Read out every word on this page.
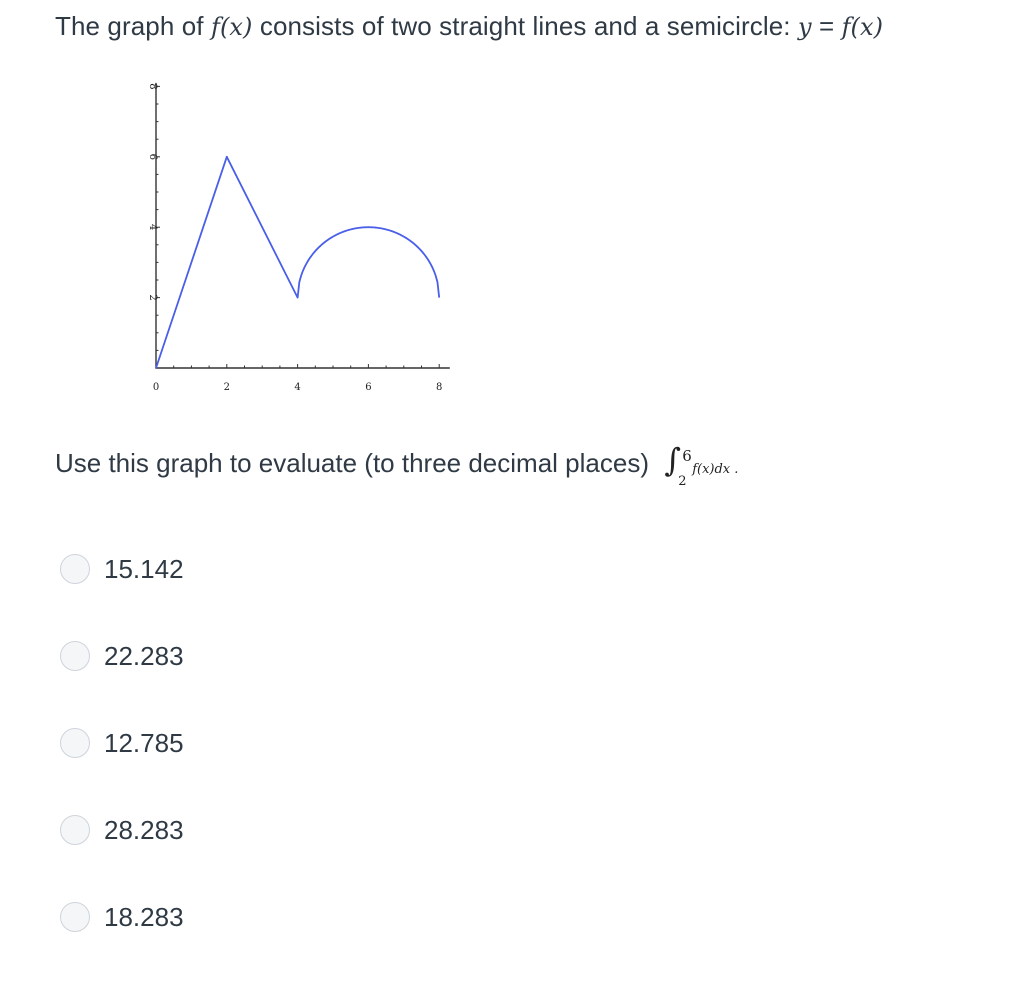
The graph of f(x) consists of two straight lines and a semicircle: y = f(x)
0	2	4	6	8
2
4
6
8
Use this graph to evaluate (to three decimal places) ∫ 6
2
f(x)dx .
15.142
22.283
12.785
28.283
18.283
